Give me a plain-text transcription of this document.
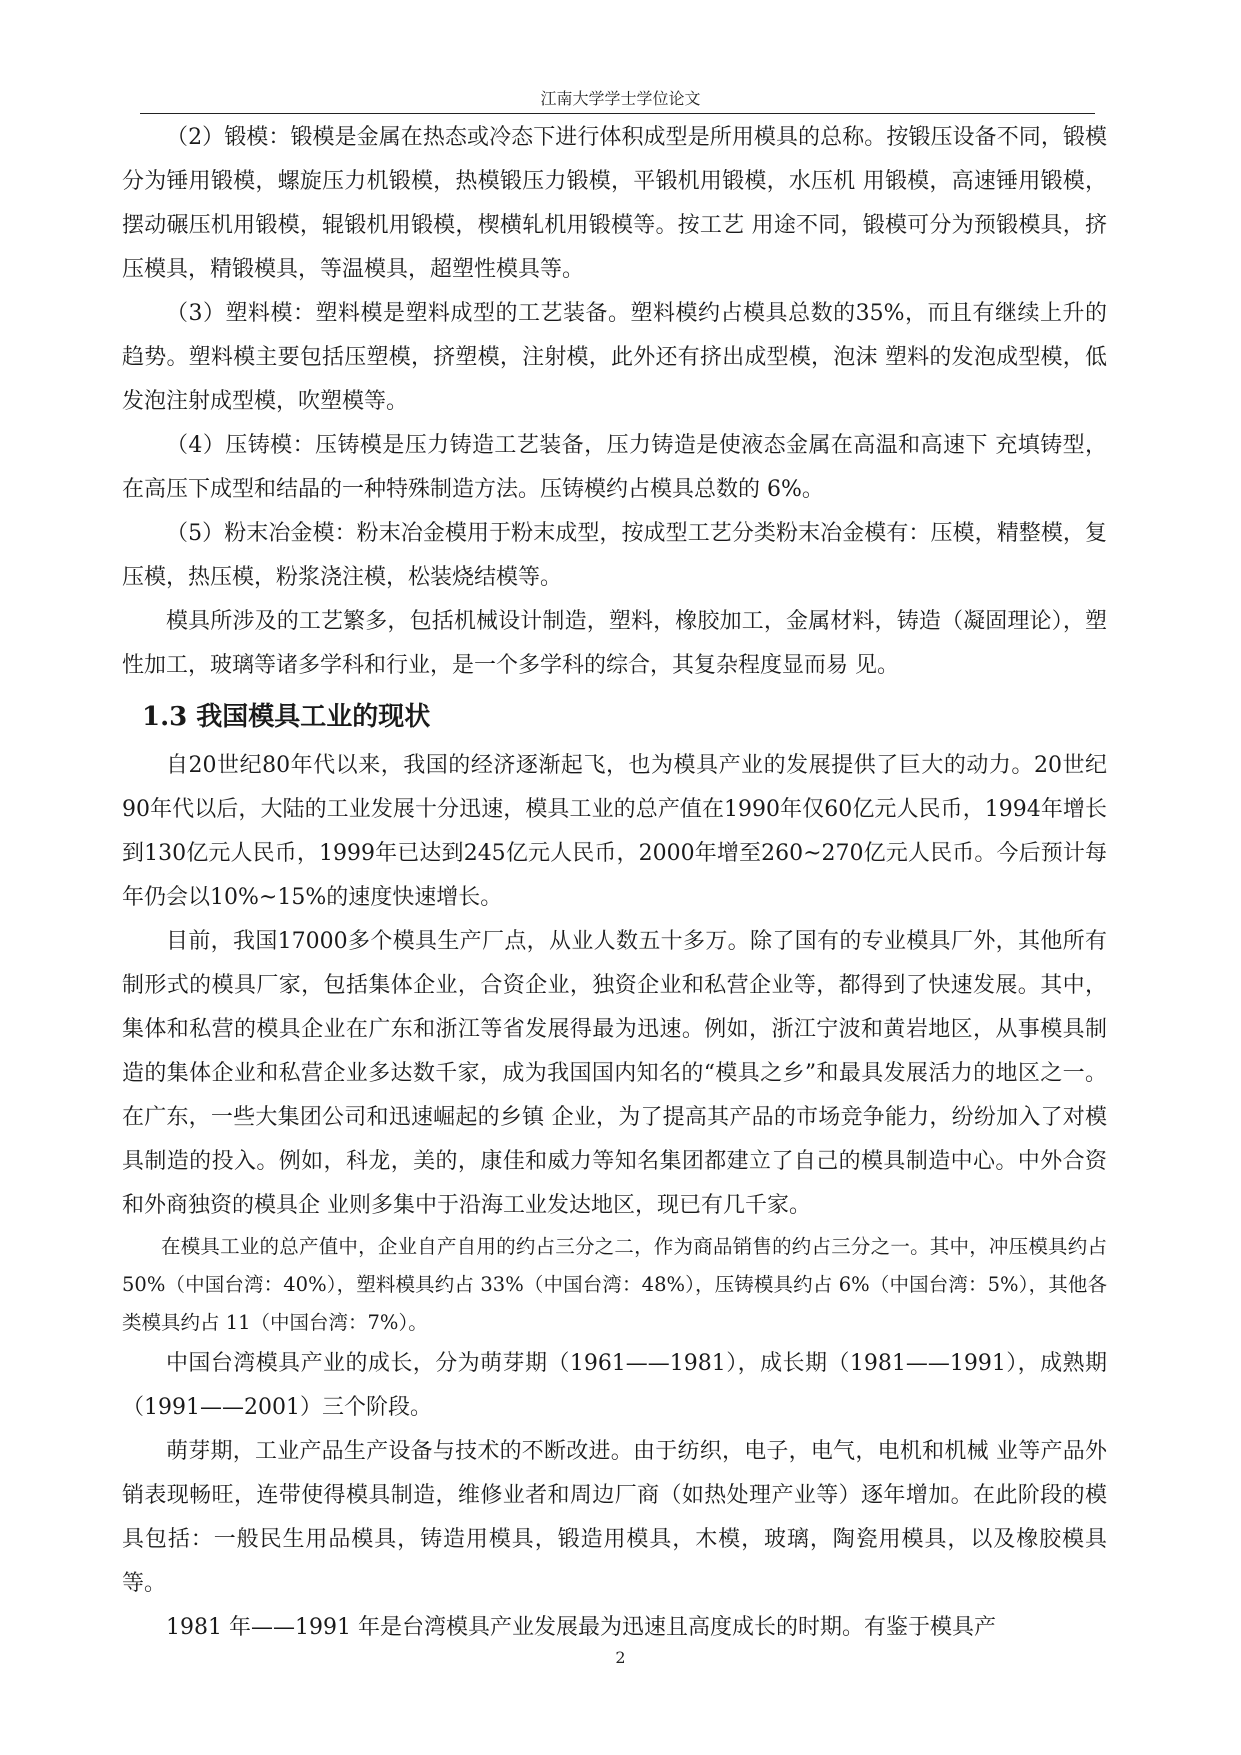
江南大学学士学位论文

（2）锻模：锻模是金属在热态或冷态下进行体积成型是所用模具的总称。按锻压设备不同，锻模分为锤用锻模，螺旋压力机锻模，热模锻压力锻模，平锻机用锻模，水压机 用锻模，高速锤用锻模，摆动碾压机用锻模，辊锻机用锻模，楔横轧机用锻模等。按工艺 用途不同，锻模可分为预锻模具，挤压模具，精锻模具，等温模具，超塑性模具等。

（3）塑料模：塑料模是塑料成型的工艺装备。塑料模约占模具总数的35%，而且有继续上升的趋势。塑料模主要包括压塑模，挤塑模，注射模，此外还有挤出成型模，泡沫 塑料的发泡成型模，低发泡注射成型模，吹塑模等。

（4）压铸模：压铸模是压力铸造工艺装备，压力铸造是使液态金属在高温和高速下 充填铸型，在高压下成型和结晶的一种特殊制造方法。压铸模约占模具总数的 6%。

（5）粉末冶金模：粉末冶金模用于粉末成型，按成型工艺分类粉末冶金模有：压模，精整模，复压模，热压模，粉浆浇注模，松装烧结模等。

模具所涉及的工艺繁多，包括机械设计制造，塑料，橡胶加工，金属材料，铸造（凝固理论），塑性加工，玻璃等诸多学科和行业，是一个多学科的综合，其复杂程度显而易 见。

1.3 我国模具工业的现状

自20世纪80年代以来，我国的经济逐渐起飞，也为模具产业的发展提供了巨大的动力。20世纪90年代以后，大陆的工业发展十分迅速，模具工业的总产值在1990年仅60亿元人民币，1994年增长到130亿元人民币，1999年已达到245亿元人民币，2000年增至260~270亿元人民币。今后预计每年仍会以10%~15%的速度快速增长。

目前，我国17000多个模具生产厂点，从业人数五十多万。除了国有的专业模具厂外，其他所有制形式的模具厂家，包括集体企业，合资企业，独资企业和私营企业等，都得到了快速发展。其中，集体和私营的模具企业在广东和浙江等省发展得最为迅速。例如，浙江宁波和黄岩地区，从事模具制造的集体企业和私营企业多达数千家，成为我国国内知名的“模具之乡”和最具发展活力的地区之一。在广东，一些大集团公司和迅速崛起的乡镇 企业，为了提高其产品的市场竞争能力，纷纷加入了对模具制造的投入。例如，科龙，美的，康佳和威力等知名集团都建立了自己的模具制造中心。中外合资和外商独资的模具企 业则多集中于沿海工业发达地区，现已有几千家。

在模具工业的总产值中，企业自产自用的约占三分之二，作为商品销售的约占三分之一。其中，冲压模具约占 50%（中国台湾：40%），塑料模具约占 33%（中国台湾：48%），压铸模具约占 6%（中国台湾：5%），其他各类模具约占 11（中国台湾：7%）。

中国台湾模具产业的成长，分为萌芽期（1961——1981），成长期（1981——1991），成熟期（1991——2001）三个阶段。

萌芽期，工业产品生产设备与技术的不断改进。由于纺织，电子，电气，电机和机械 业等产品外销表现畅旺，连带使得模具制造，维修业者和周边厂商（如热处理产业等）逐年增加。在此阶段的模具包括：一般民生用品模具，铸造用模具，锻造用模具，木模，玻璃，陶瓷用模具，以及橡胶模具等。

1981 年——1991 年是台湾模具产业发展最为迅速且高度成长的时期。有鉴于模具产

2
